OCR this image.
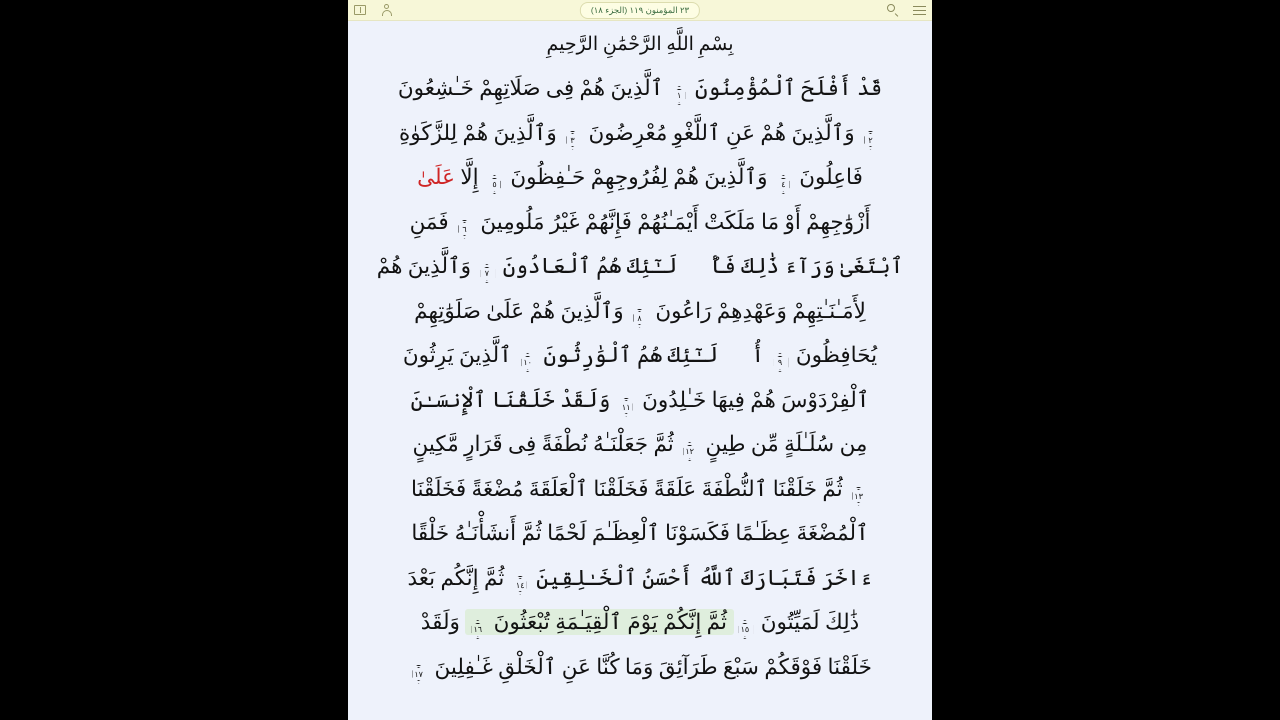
٢٣ المؤمنون ١١٩ (الجزء ١٨)
بِسْمِ اللَّهِ الرَّحْمَٰنِ الرَّحِيمِ
قَدْ أَفْلَحَ ٱلْمُؤْمِنُونَ ١ ٱلَّذِينَ هُمْ فِى صَلَاتِهِمْ خَـٰشِعُونَ
٢ وَٱلَّذِينَ هُمْ عَنِ ٱللَّغْوِ مُعْرِضُونَ ٣ وَٱلَّذِينَ هُمْ لِلزَّكَوٰةِ
فَاعِلُونَ ٤ وَٱلَّذِينَ هُمْ لِفُرُوجِهِمْ حَـٰفِظُونَ ٥ إِلَّا عَلَىٰ
أَزْوَٰجِهِمْ أَوْ مَا مَلَكَتْ أَيْمَـٰنُهُمْ فَإِنَّهُمْ غَيْرُ مَلُومِينَ ٦ فَمَنِ
ٱبْتَغَىٰ وَرَآءَ ذَٰلِكَ فَأُو۟لَـٰٓئِكَ هُمُ ٱلْعَادُونَ ٧ وَٱلَّذِينَ هُمْ
لِأَمَـٰنَـٰتِهِمْ وَعَهْدِهِمْ رَاعُونَ ٨ وَٱلَّذِينَ هُمْ عَلَىٰ صَلَوَٰتِهِمْ
يُحَافِظُونَ ٩ أُو۟لَـٰٓئِكَ هُمُ ٱلْوَٰرِثُونَ ١٠ ٱلَّذِينَ يَرِثُونَ
ٱلْفِرْدَوْسَ هُمْ فِيهَا خَـٰلِدُونَ ١١ وَلَقَدْ خَلَقْنَا ٱلْإِنسَـٰنَ
مِن سُلَـٰلَةٍ مِّن طِينٍ ١٢ ثُمَّ جَعَلْنَـٰهُ نُطْفَةً فِى قَرَارٍ مَّكِينٍ
١٣ ثُمَّ خَلَقْنَا ٱلنُّطْفَةَ عَلَقَةً فَخَلَقْنَا ٱلْعَلَقَةَ مُضْغَةً فَخَلَقْنَا
ٱلْمُضْغَةَ عِظَـٰمًا فَكَسَوْنَا ٱلْعِظَـٰمَ لَحْمًا ثُمَّ أَنشَأْنَـٰهُ خَلْقًا
ءَاخَرَ فَتَبَارَكَ ٱللَّهُ أَحْسَنُ ٱلْخَـٰلِقِينَ ١٤ ثُمَّ إِنَّكُم بَعْدَ
ذَٰلِكَ لَمَيِّتُونَ ١٥ ثُمَّ إِنَّكُمْ يَوْمَ ٱلْقِيَـٰمَةِ تُبْعَثُونَ ١٦ وَلَقَدْ
خَلَقْنَا فَوْقَكُمْ سَبْعَ طَرَآئِقَ وَمَا كُنَّا عَنِ ٱلْخَلْقِ غَـٰفِلِينَ ١٧
